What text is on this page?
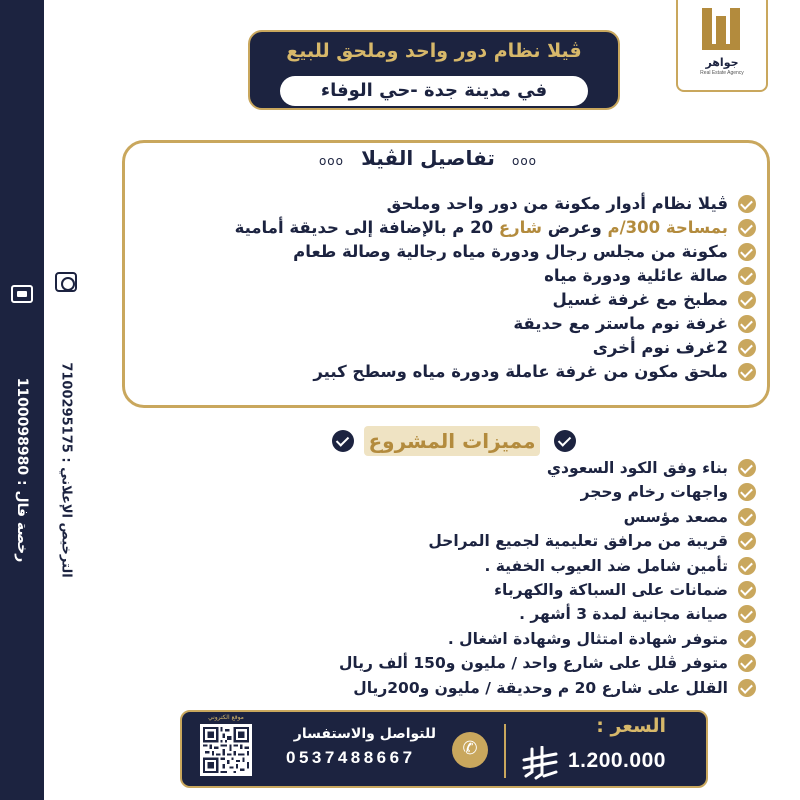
رخصة فال : 1100098980
الترخيص الإعلاني : 7100295175
جواهر
Real Estate Agency
ڤيلا نظام دور واحد وملحق للبيع
في مدينة جدة -حي الوفاء
ooo تفاصيل الڤيلا ooo
ڤيلا نظام أدوار مكونة من دور واحد وملحق
بمساحة 300/م وعرض شارع 20 م بالإضافة إلى حديقة أمامية
مكونة من مجلس رجال ودورة مياه رجالية وصالة طعام
صالة عائلية ودورة مياه
مطبخ مع غرفة غسيل
غرفة نوم ماستر مع حديقة
2غرف نوم أخرى
ملحق مكون من غرفة عاملة ودورة مياه وسطح كبير
مميزات المشروع
بناء وفق الكود السعودي
واجهات رخام وحجر
مصعد مؤسس
قريبة من مرافق تعليمية لجميع المراحل
تأمين شامل ضد العيوب الخفية .
ضمانات على السباكة والكهرباء
صيانة مجانية لمدة 3 أشهر .
متوفر شهادة امتثال وشهادة اشغال .
متوفر ڤلل على شارع واحد / مليون و150 ألف ريال
القلل على شارع 20 م وحديقة / مليون و200ريال
السعر :
1.200.000
✆
للتواصل والاستفسار
0537488667
موقع الكتروني
